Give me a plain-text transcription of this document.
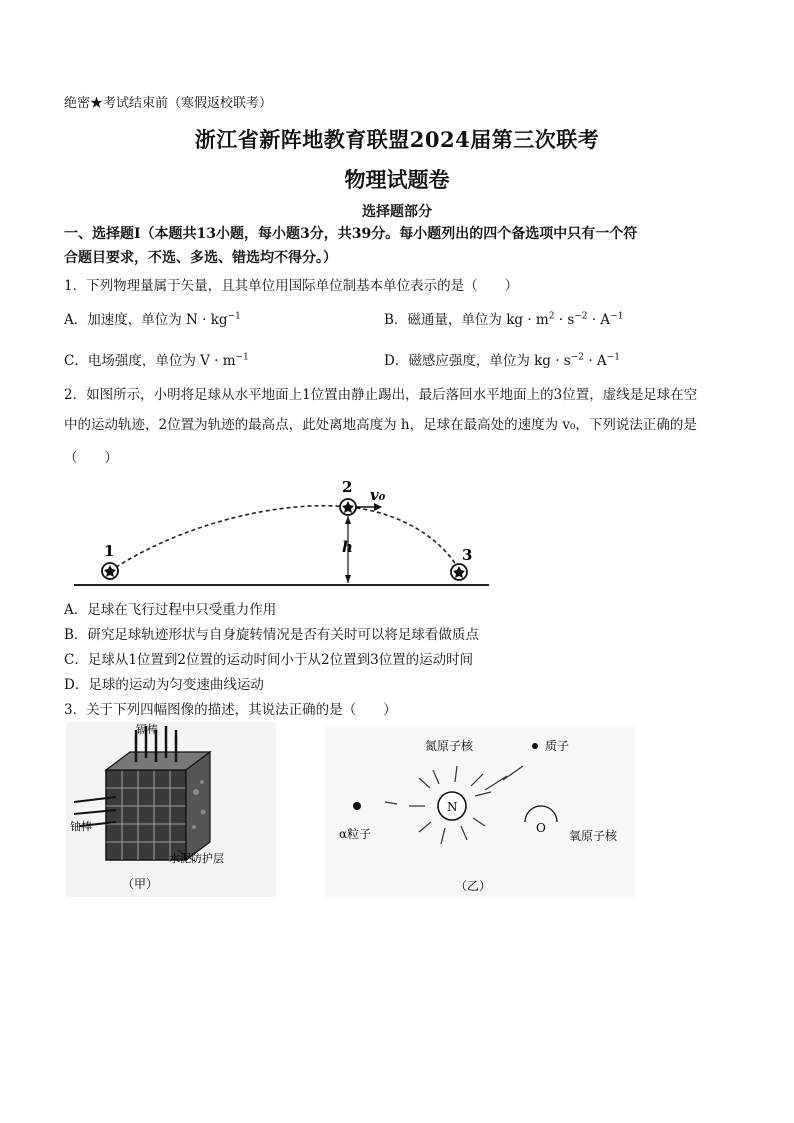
绝密★考试结束前（寒假返校联考）
浙江省新阵地教育联盟2024届第三次联考
物理试题卷
选择题部分
一、选择题Ⅰ（本题共13小题，每小题3分，共39分。每小题列出的四个备选项中只有一个符
合题目要求，不选、多选、错选均不得分。）
1．下列物理量属于矢量，且其单位用国际单位制基本单位表示的是（　　）
A．加速度，单位为 $N \cdot kg^{-1}$	B．磁通量，单位为 kg · $m^2 \cdot s^{-2} \cdot A^{-1}$
C．电场强度，单位为 $V \cdot m^{-1}$	D．磁感应强度，单位为 kg · $s^{-2} \cdot A^{-1}$
2．如图所示，小明将足球从水平地面上1位置由静止踢出，最后落回水平地面上的3位置，虚线是足球在空
中的运动轨迹，2位置为轨迹的最高点，此处离地高度为 h，足球在最高处的速度为 v₀，下列说法正确的是
（　　）
1
2
3
h
v₀
A．足球在飞行过程中只受重力作用
B．研究足球轨迹形状与自身旋转情况是否有关时可以将足球看做质点
C．足球从1位置到2位置的运动时间小于从2位置到3位置的运动时间
D．足球的运动为匀变速曲线运动
3．关于下列四幅图像的描述，其说法正确的是（　　）
镉棒
铀棒
水泥防护层
（甲）
N
O
氮原子核	质子
α粒子	氧原子核
（乙）
